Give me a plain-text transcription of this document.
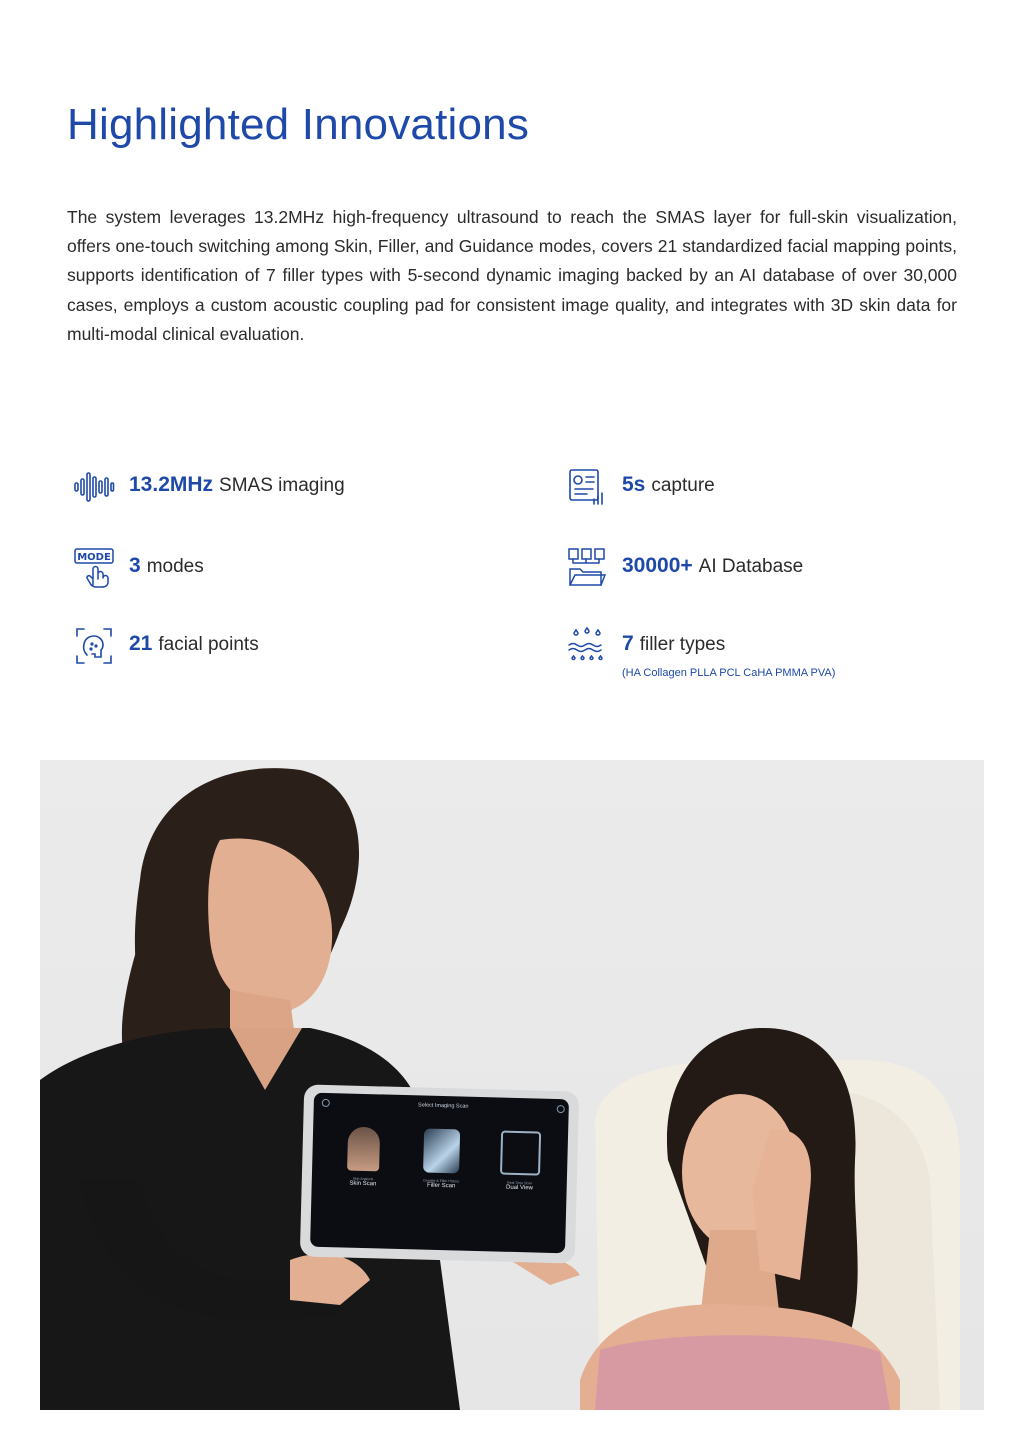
Highlighted Innovations

The system leverages 13.2MHz high-frequency ultrasound to reach the SMAS layer for full-skin visualization, offers one-touch switching among Skin, Filler, and Guidance modes, covers 21 standardized facial mapping points, supports identification of 7 filler types with 5-second dynamic imaging backed by an AI database of over 30,000 cases, employs a custom acoustic coupling pad for consistent image quality, and integrates with 3D skin data for multi-modal clinical evaluation.

13.2MHz SMAS imaging	5s capture
MODE 3 modes	30000+ AI Database
21 facial points	7 filler types
(HA Collagen PLLA PCL CaHA PMMA PVA)
Select Imaging Scan
Skin Analysis
Skin Scan	Dosette & Filler History
Filler Scan	Real-Time Scan
Dual View
